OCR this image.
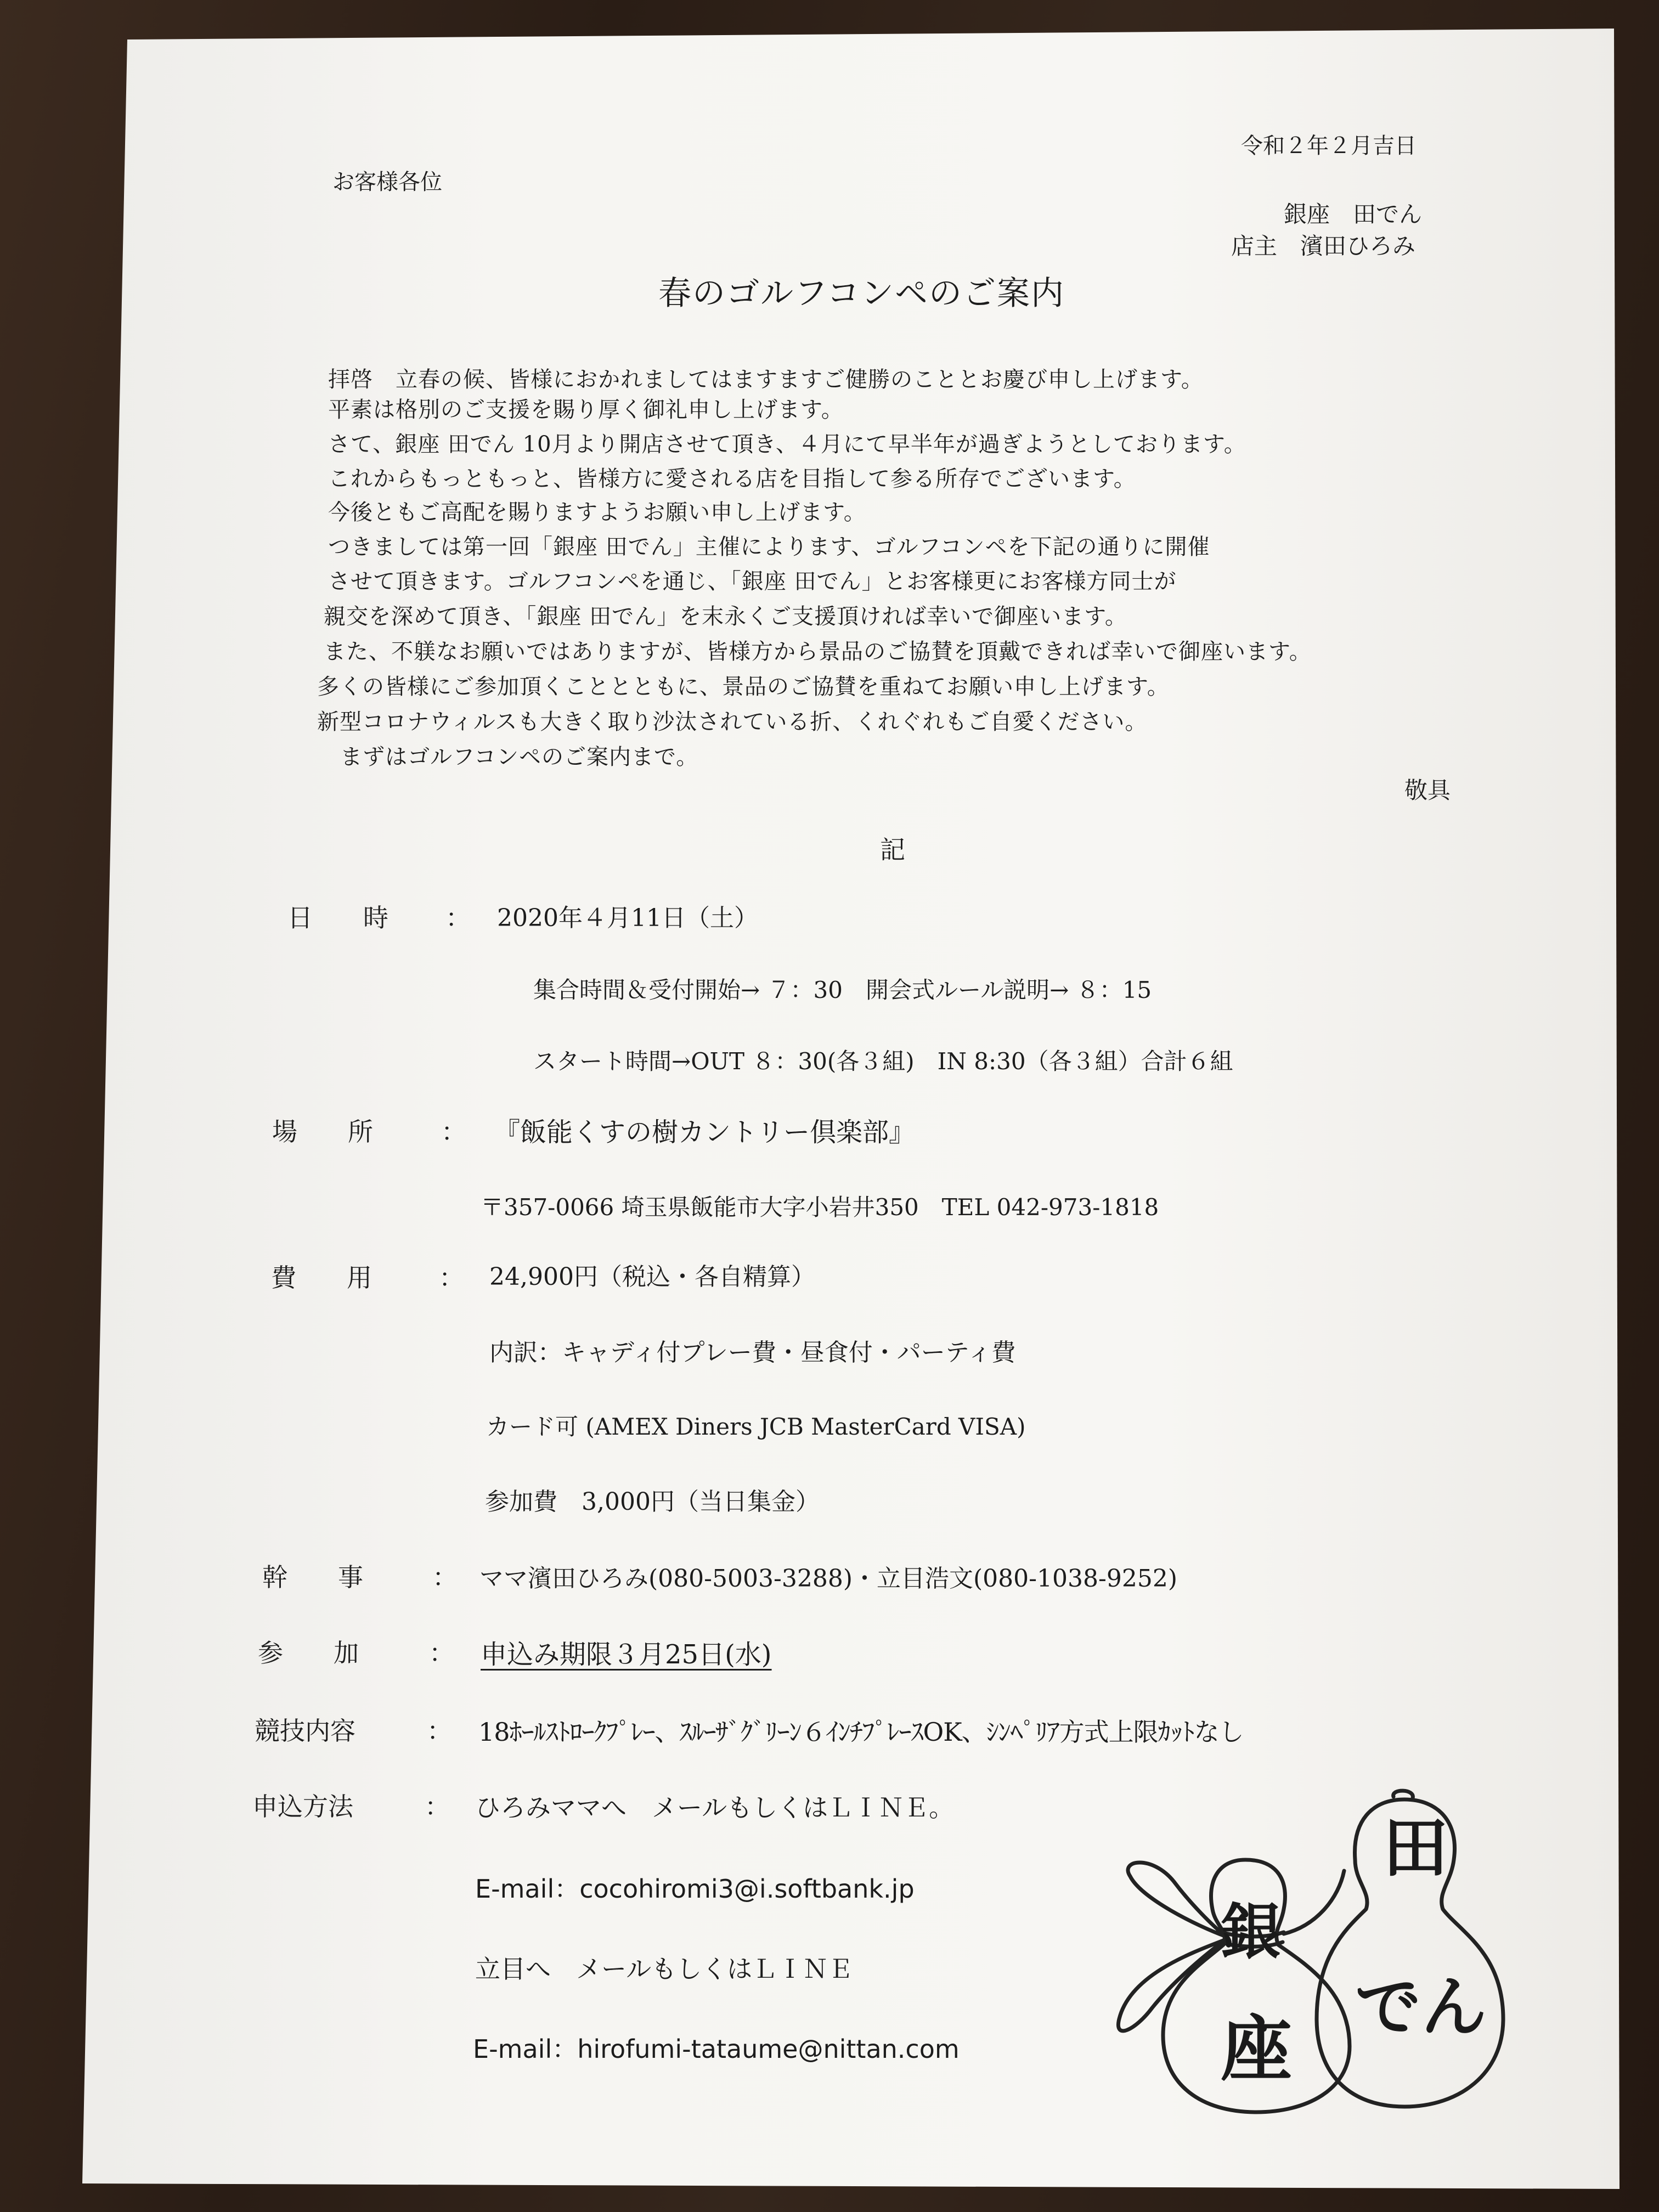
令和２年２月吉日
お客様各位
銀座　田でん
店主　濱田ひろみ
春のゴルフコンペのご案内
拝啓　立春の候、皆様におかれましてはますますご健勝のこととお慶び申し上げます。
平素は格別のご支援を賜り厚く御礼申し上げます。
さて、銀座 田でん 10月より開店させて頂き、４月にて早半年が過ぎようとしております。
これからもっともっと、皆様方に愛される店を目指して参る所存でございます。
今後ともご高配を賜りますようお願い申し上げます。
つきましては第一回「銀座 田でん」主催によります、ゴルフコンペを下記の通りに開催
させて頂きます。ゴルフコンペを通じ、「銀座 田でん」とお客様更にお客様方同士が
親交を深めて頂き、「銀座 田でん」を末永くご支援頂ければ幸いで御座います。
また、不躾なお願いではありますが、皆様方から景品のご協賛を頂戴できれば幸いで御座います。
多くの皆様にご参加頂くこととともに、景品のご協賛を重ねてお願い申し上げます。
新型コロナウィルスも大きく取り沙汰されている折、くれぐれもご自愛ください。
まずはゴルフコンペのご案内まで。
敬具
記
日　　時 ： 2020年４月11日（土）
集合時間＆受付開始→ ７：30　開会式ルール説明→ ８：15
スタート時間→OUT ８：30(各３組)　IN 8:30（各３組）合計６組
場　　所	： 『飯能くすの樹カントリー倶楽部』
〒357-0066 埼玉県飯能市大字小岩井350　TEL 042-973-1818
費　　用	： 24,900円（税込・各自精算）
内訳：キャディ付プレー費・昼食付・パーティ費
カード可 (AMEX Diners JCB MasterCard VISA)
参加費　3,000円（当日集金）
幹　　事	： ママ濱田ひろみ(080-5003-3288)・立目浩文(080-1038-9252)
参　　加	： 申込み期限３月25日(水)
競技内容	： 18ﾎｰﾙｽﾄﾛｰｸﾌﾟﾚｰ、ｽﾙｰｻﾞｸﾞﾘｰﾝ６ｲﾝﾁﾌﾟﾚｰｽOK、ｼﾝﾍﾟﾘｱ方式上限ｶｯﾄなし
申込方法	： ひろみママへ　メールもしくはＬＩＮＥ。
E-mail：cocohiromi3@i.softbank.jp
立目へ　メールもしくはＬＩＮＥ
E-mail：hirofumi-tataume@nittan.com
田
でん
銀
座
